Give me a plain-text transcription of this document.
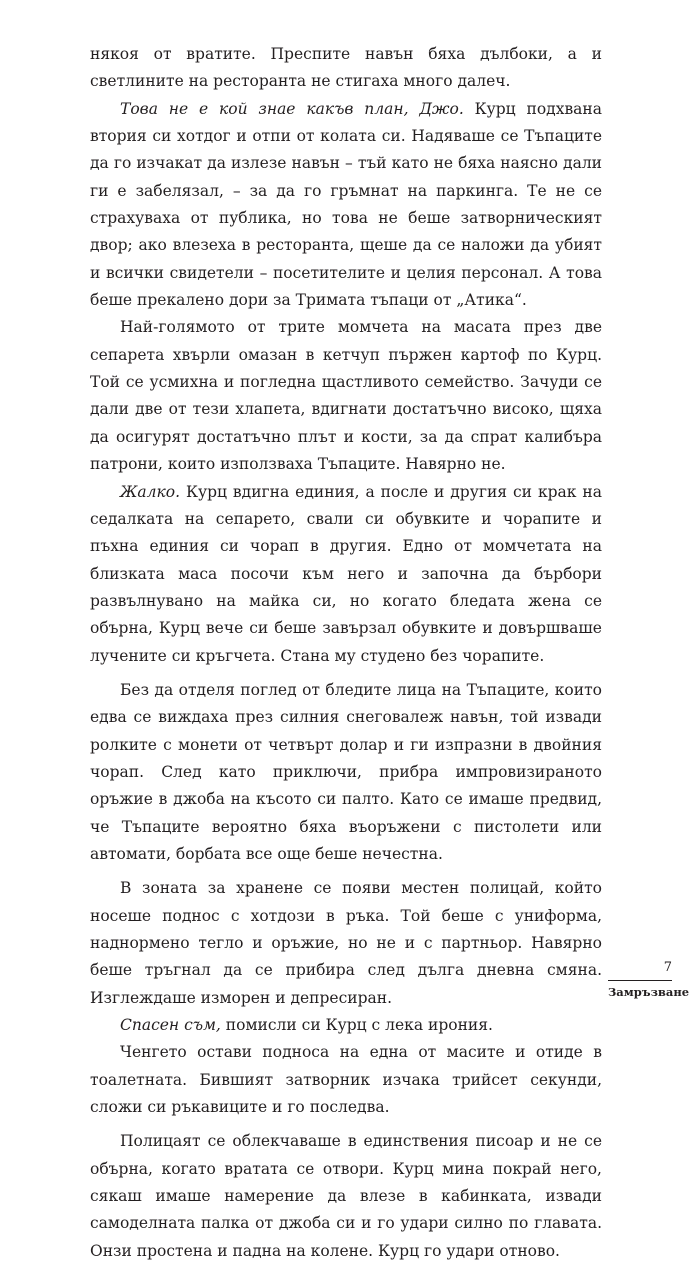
някоя от вратите. Преспите навън бяха дълбоки, а и светлините на ресторанта не стигаха много далеч.

Това не е кой знае какъв план, Джо. Курц подхвана втория си хотдог и отпи от колата си. Надяваше се Тъпаците да го изчакат да излезе навън – тъй като не бяха наясно дали ги е забелязал, – за да го гръмнат на паркинга. Те не се страхуваха от публика, но това не беше затворническият двор; ако влезеха в ресторанта, щеше да се наложи да убият и всички свидетели – посетителите и целия персонал. А това беше прекалено дори за Тримата тъпаци от „Атика“.

Най-голямото от трите момчета на масата през две сепарета хвърли омазан в кетчуп пържен картоф по Курц. Той се усмихна и погледна щастливото семейство. Зачуди се дали две от тези хлапета, вдигнати достатъчно високо, щяха да осигурят достатъчно плът и кости, за да спрат калибъра патрони, които използваха Тъпаците. Навярно не.

Жалко. Курц вдигна единия, а после и другия си крак на седалката на сепарето, свали си обувките и чорапите и пъхна единия си чорап в другия. Едно от момчетата на близката маса посочи към него и започна да бърбори развълнувано на майка си, но когато бледата жена се обърна, Курц вече си беше завързал обувките и довършваше лучените си кръгчета. Стана му студено без чорапите.

Без да отделя поглед от бледите лица на Тъпаците, които едва се виждаха през силния снеговалеж навън, той извади ролките с монети от четвърт долар и ги изпразни в двойния чорап. След като приключи, прибра импровизираното оръжие в джоба на късото си палто. Като се имаше предвид, че Тъпаците вероятно бяха въоръжени с пистолети или автомати, борбата все още беше нечестна.

В зоната за хранене се появи местен полицай, който носеше поднос с хотдози в ръка. Той беше с униформа, наднормено тегло и оръжие, но не и с партньор. Навярно беше тръгнал да се прибира след дълга дневна смяна. Изглеждаше изморен и депресиран.

Спасен съм, помисли си Курц с лека ирония.

Ченгето остави подноса на една от масите и отиде в тоалетната. Бившият затворник изчака трийсет секунди, сложи си ръкавиците и го последва.

Полицаят се облекчаваше в единствения писоар и не се обърна, когато вратата се отвори. Курц мина покрай него, сякаш имаше намерение да влезе в кабинката, извади самоделната палка от джоба си и го удари силно по главата. Онзи простена и падна на колене. Курц го удари отново.

7
Замръзване
